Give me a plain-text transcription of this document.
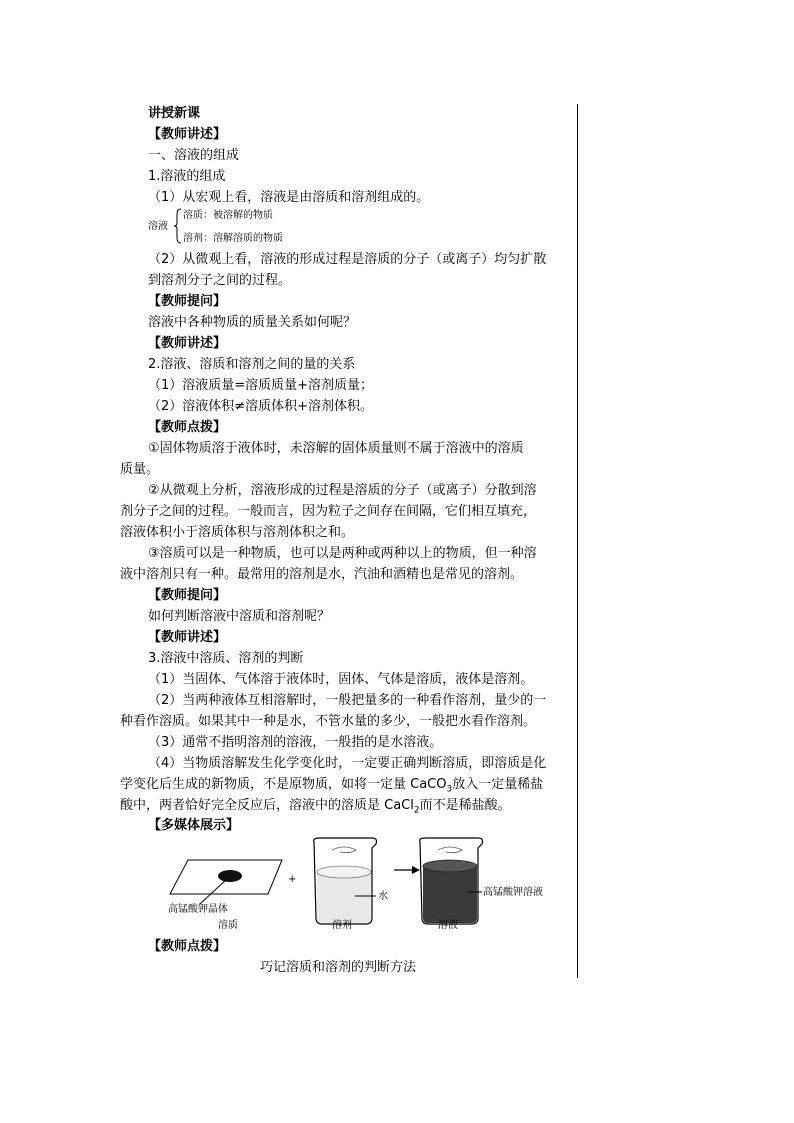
讲授新课
【教师讲述】
一、溶液的组成
1.溶液的组成
（1）从宏观上看，溶液是由溶质和溶剂组成的。
溶液
溶质：被溶解的物质
溶剂：溶解溶质的物质
（2）从微观上看，溶液的形成过程是溶质的分子（或离子）均匀扩散
到溶剂分子之间的过程。
【教师提问】
溶液中各种物质的质量关系如何呢？
【教师讲述】
2.溶液、溶质和溶剂之间的量的关系
（1）溶液质量=溶质质量+溶剂质量；
（2）溶液体积≠溶质体积+溶剂体积。
【教师点拨】
①固体物质溶于液体时，未溶解的固体质量则不属于溶液中的溶质
质量。
②从微观上分析，溶液形成的过程是溶质的分子（或离子）分散到溶
剂分子之间的过程。一般而言，因为粒子之间存在间隔，它们相互填充，
溶液体积小于溶质体积与溶剂体积之和。
③溶质可以是一种物质，也可以是两种或两种以上的物质，但一种溶
液中溶剂只有一种。最常用的溶剂是水，汽油和酒精也是常见的溶剂。
【教师提问】
如何判断溶液中溶质和溶剂呢？
【教师讲述】
3.溶液中溶质、溶剂的判断
（1）当固体、气体溶于液体时，固体、气体是溶质，液体是溶剂。
（2）当两种液体互相溶解时，一般把量多的一种看作溶剂，量少的一
种看作溶质。如果其中一种是水，不管水量的多少，一般把水看作溶剂。
（3）通常不指明溶剂的溶液，一般指的是水溶液。
（4）当物质溶解发生化学变化时，一定要正确判断溶质，即溶质是化
学变化后生成的新物质，不是原物质，如将一定量 CaCO$_3$放入一定量稀盐
酸中，两者恰好完全反应后，溶液中的溶质是 CaCl$_2$而不是稀盐酸。
【多媒体展示】
高锰酸钾晶体
+
水	高锰酸钾溶液
溶质	溶剂	溶液
【教师点拨】
巧记溶质和溶剂的判断方法
